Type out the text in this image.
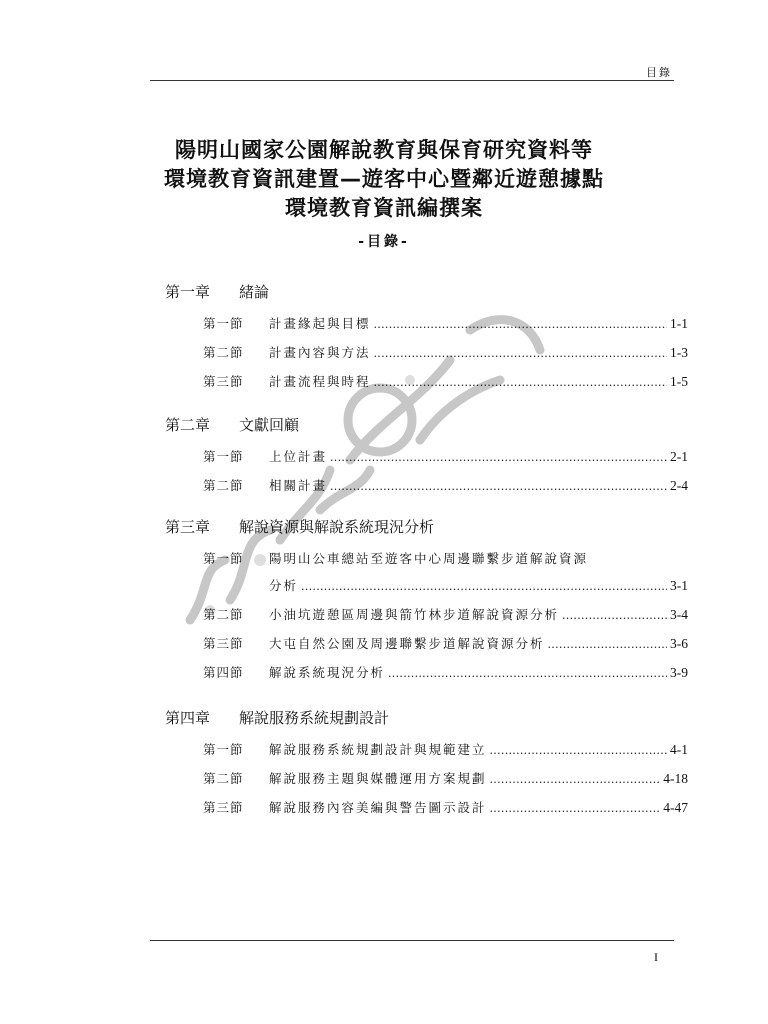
目錄
陽明山國家公園解說教育與保育研究資料等
環境教育資訊建置—遊客中心暨鄰近遊憩據點
環境教育資訊編撰案
-目錄-
第一章 緒論
第一節	計畫緣起與目標 . . .	1-1
第二節	計畫內容與方法 . . .	1-3
第三節	計畫流程與時程 . . .	1-5
第二章 文獻回顧
第一節	上位計畫 . . .	2-1
第二節	相關計畫 . . .	2-4
第三章 解說資源與解說系統現況分析
第一節	陽明山公車總站至遊客中心周邊聯繫步道解說資源
分析 . . .	3-1
第二節	小油坑遊憩區周邊與箭竹林步道解說資源分析 . . .	3-4
第三節	大屯自然公園及周邊聯繫步道解說資源分析 . . .	3-6
第四節	解說系統現況分析 . . .	3-9
第四章 解說服務系統規劃設計
第一節	解說服務系統規劃設計與規範建立 . . .	4-1
第二節	解說服務主題與媒體運用方案規劃 . . .	4-18
第三節	解說服務內容美編與警告圖示設計 . . .	4-47
I
